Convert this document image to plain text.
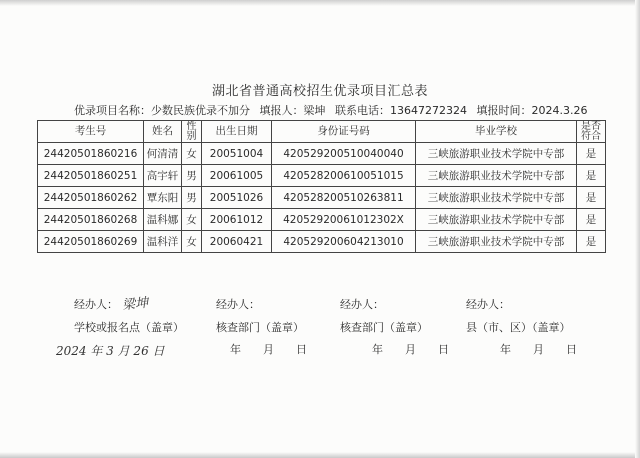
湖北省普通高校招生优录项目汇总表
优录项目名称：少数民族优录不加分 填报人：梁坤 联系电话：13647272324 填报时间：2024.3.26
考生号	姓名	性别	出生日期	身份证号码	毕业学校	是否符合
24420501860216	何清清	女	20051004	420529200510040040	三峡旅游职业技术学院中专部	是
24420501860251	高宇轩	男	20061005	420528200610051015	三峡旅游职业技术学院中专部	是
24420501860262	覃东阳	男	20051026	420528200510263811	三峡旅游职业技术学院中专部	是
24420501860268	温科娜	女	20061012	42052920061012302X	三峡旅游职业技术学院中专部	是
24420501860269	温科洋	女	20060421	420529200604213010	三峡旅游职业技术学院中专部	是
经办人： 梁坤	经办人：	经办人：	经办人：
学校或报名点（盖章）	核查部门（盖章）	核查部门（盖章）	县（市、区）（盖章）
2024 年 3 月 26 日	年　　月　　日	年　　月　　日	年　　月　　日
